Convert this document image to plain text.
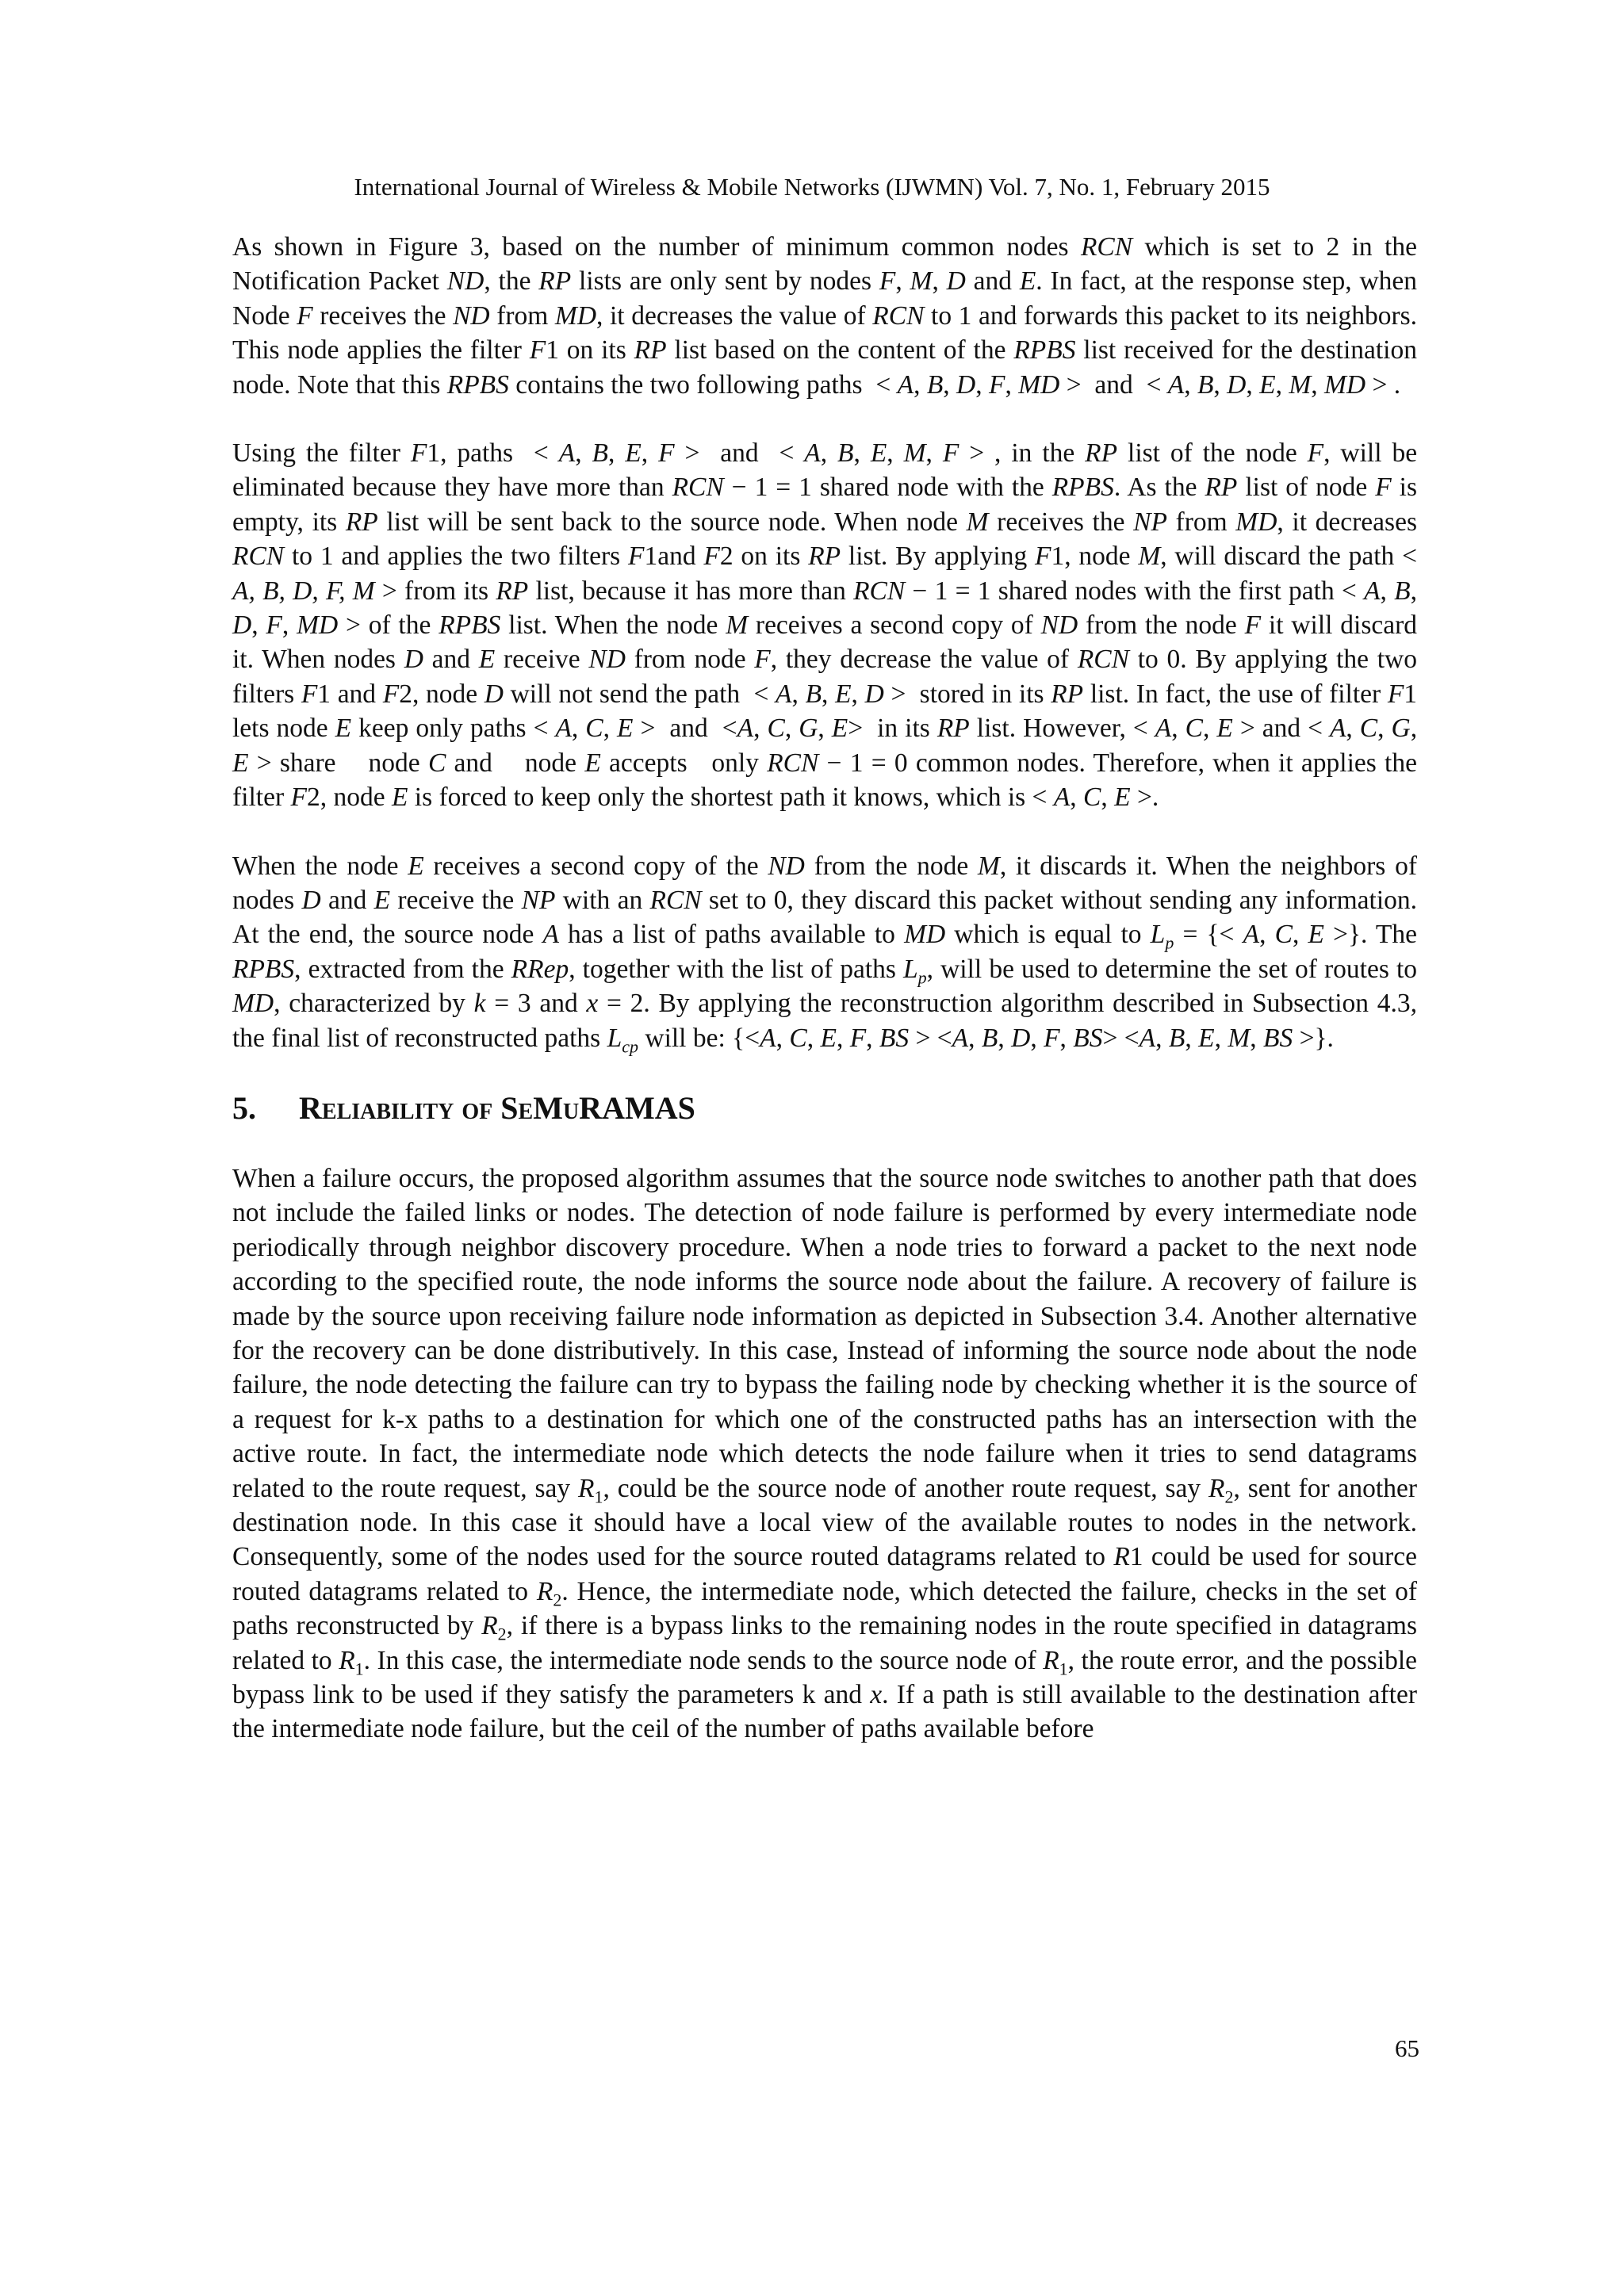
International Journal of Wireless & Mobile Networks (IJWMN) Vol. 7, No. 1, February 2015

As shown in Figure 3, based on the number of minimum common nodes RCN which is set to 2 in the Notification Packet ND, the RP lists are only sent by nodes F, M, D and E. In fact, at the response step, when Node F receives the ND from MD, it decreases the value of RCN to 1 and forwards this packet to its neighbors. This node applies the filter F1 on its RP list based on the content of the RPBS list received for the destination node. Note that this RPBS contains the two following paths  < A, B, D, F, MD >  and  < A, B, D, E, M, MD > .

Using the filter F1, paths  < A, B, E, F >  and  < A, B, E, M, F > , in the RP list of the node F, will be eliminated because they have more than RCN − 1 = 1 shared node with the RPBS. As the RP list of node F is empty, its RP list will be sent back to the source node. When node M receives the NP from MD, it decreases RCN to 1 and applies the two filters F1and F2 on its RP list. By applying F1, node M, will discard the path < A, B, D, F, M > from its RP list, because it has more than RCN − 1 = 1 shared nodes with the first path < A, B, D, F, MD > of the RPBS list. When the node M receives a second copy of ND from the node F it will discard it. When nodes D and E receive ND from node F, they decrease the value of RCN to 0. By applying the two filters F1 and F2, node D will not send the path  < A, B, E, D >  stored in its RP list. In fact, the use of filter F1 lets node E keep only paths < A, C, E >  and  <A, C, G, E>  in its RP list. However, < A, C, E > and < A, C, G, E > share    node C and    node E accepts   only RCN − 1 = 0 common nodes. Therefore, when it applies the filter F2, node E is forced to keep only the shortest path it knows, which is < A, C, E >.

When the node E receives a second copy of the ND from the node M, it discards it. When the neighbors of nodes D and E receive the NP with an RCN set to 0, they discard this packet without sending any information. At the end, the source node A has a list of paths available to MD which is equal to $L_p$ = {< A, C, E >}. The RPBS, extracted from the RRep, together with the list of paths $L_p$, will be used to determine the set of routes to MD, characterized by k = 3 and x = 2. By applying the reconstruction algorithm described in Subsection 4.3, the final list of reconstructed paths $L_{cp}$ will be: {<A, C, E, F, BS > <A, B, D, F, BS> <A, B, E, M, BS >}.

5. Reliability of SeMuRAMAS

When a failure occurs, the proposed algorithm assumes that the source node switches to another path that does not include the failed links or nodes. The detection of node failure is performed by every intermediate node periodically through neighbor discovery procedure. When a node tries to forward a packet to the next node according to the specified route, the node informs the source node about the failure. A recovery of failure is made by the source upon receiving failure node information as depicted in Subsection 3.4. Another alternative for the recovery can be done distributively. In this case, Instead of informing the source node about the node failure, the node detecting the failure can try to bypass the failing node by checking whether it is the source of a request for k-x paths to a destination for which one of the constructed paths has an intersection with the active route. In fact, the intermediate node which detects the node failure when it tries to send datagrams related to the route request, say $R_1$, could be the source node of another route request, say $R_2$, sent for another destination node. In this case it should have a local view of the available routes to nodes in the network. Consequently, some of the nodes used for the source routed datagrams related to R1 could be used for source routed datagrams related to $R_2$. Hence, the intermediate node, which detected the failure, checks in the set of paths reconstructed by $R_2$, if there is a bypass links to the remaining nodes in the route specified in datagrams related to $R_1$. In this case, the intermediate node sends to the source node of $R_1$, the route error, and the possible bypass link to be used if they satisfy the parameters k and x. If a path is still available to the destination after the intermediate node failure, but the ceil of the number of paths available before

65
